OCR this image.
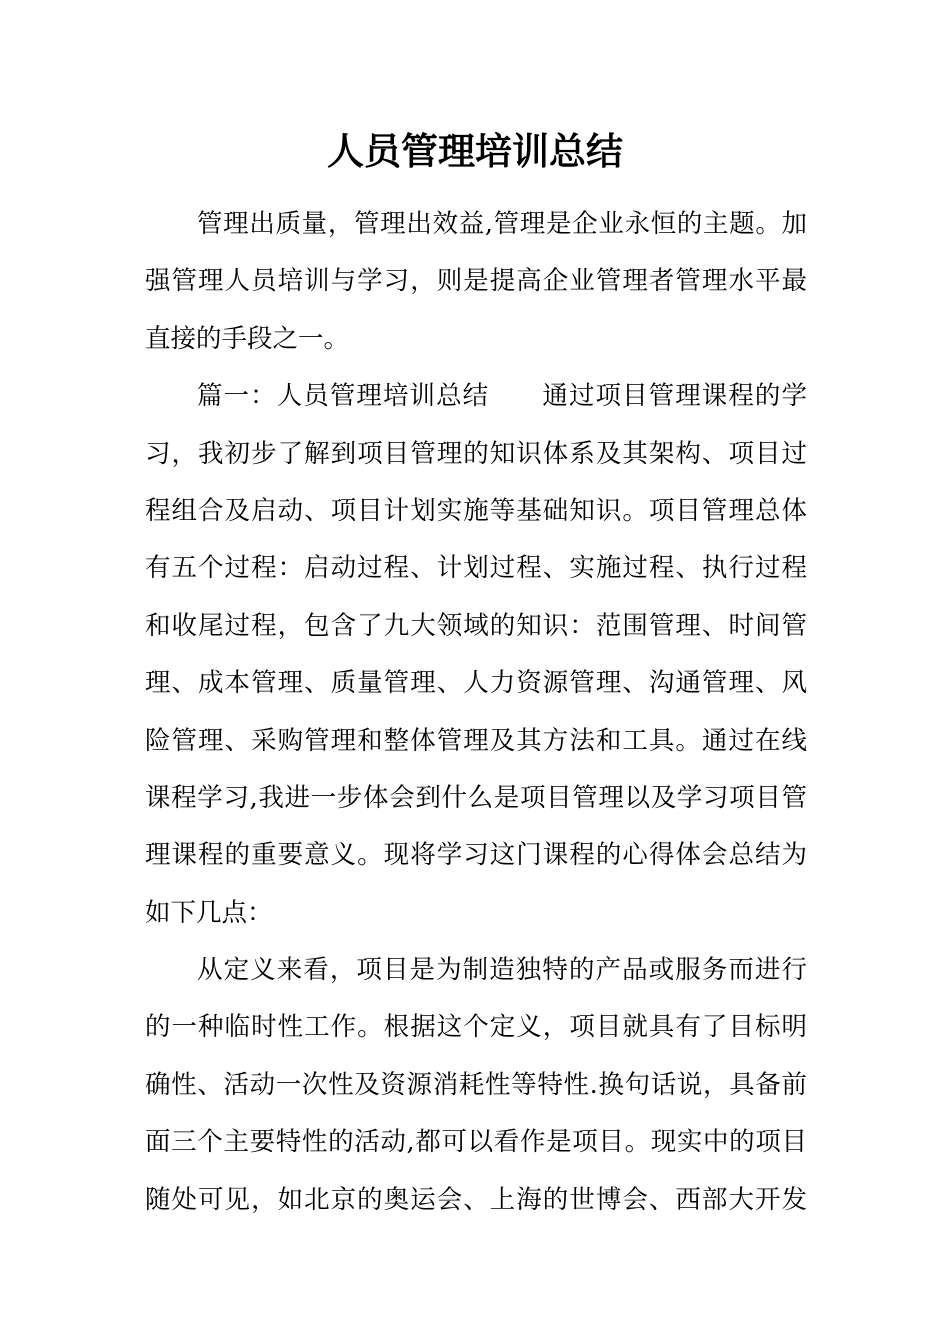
人员管理培训总结
管理出质量，管理出效益,管理是企业永恒的主题。加
强管理人员培训与学习，则是提高企业管理者管理水平最
直接的手段之一。
篇一：人员管理培训总结　　通过项目管理课程的学
习，我初步了解到项目管理的知识体系及其架构、项目过
程组合及启动、项目计划实施等基础知识。项目管理总体
有五个过程：启动过程、计划过程、实施过程、执行过程
和收尾过程，包含了九大领域的知识：范围管理、时间管
理、成本管理、质量管理、人力资源管理、沟通管理、风
险管理、采购管理和整体管理及其方法和工具。通过在线
课程学习,我进一步体会到什么是项目管理以及学习项目管
理课程的重要意义。现将学习这门课程的心得体会总结为
如下几点：
从定义来看，项目是为制造独特的产品或服务而进行
的一种临时性工作。根据这个定义，项目就具有了目标明
确性、活动一次性及资源消耗性等特性.换句话说，具备前
面三个主要特性的活动,都可以看作是项目。现实中的项目
随处可见，如北京的奥运会、上海的世博会、西部大开发
